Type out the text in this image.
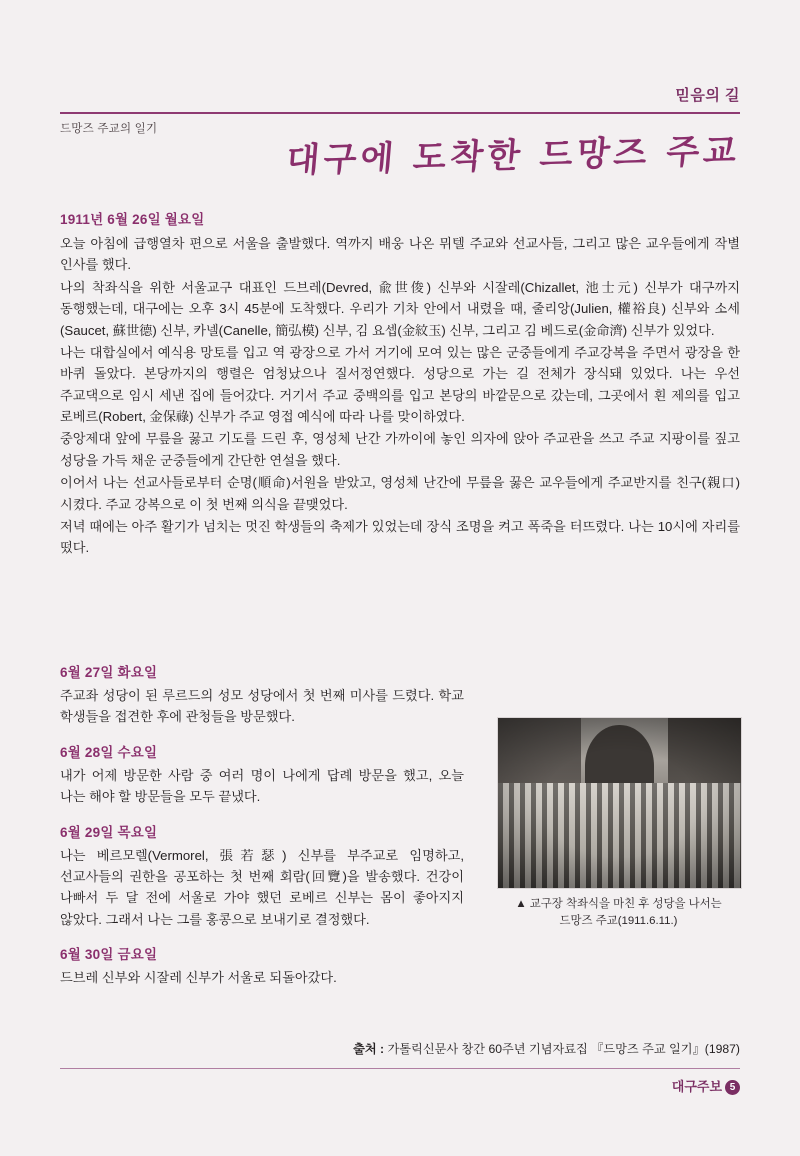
믿음의 길
드망즈 주교의 일기
대구에 도착한 드망즈 주교
1911년 6월 26일 월요일

오늘 아침에 급행열차 편으로 서울을 출발했다. 역까지 배웅 나온 뮈텔 주교와 선교사들, 그리고 많은 교우들에게 작별 인사를 했다.

나의 착좌식을 위한 서울교구 대표인 드브레(Devred, 兪世俊) 신부와 시잘레(Chizallet, 池士元) 신부가 대구까지 동행했는데, 대구에는 오후 3시 45분에 도착했다. 우리가 기차 안에서 내렸을 때, 줄리앙(Julien, 權裕良) 신부와 소세(Saucet, 蘇世德) 신부, 카넬(Canelle, 簡弘模) 신부, 김 요셉(金紋玉) 신부, 그리고 김 베드로(金命濟) 신부가 있었다.

나는 대합실에서 예식용 망토를 입고 역 광장으로 가서 거기에 모여 있는 많은 군중들에게 주교강복을 주면서 광장을 한 바퀴 돌았다. 본당까지의 행렬은 엄청났으나 질서정연했다. 성당으로 가는 길 전체가 장식돼 있었다. 나는 우선 주교댁으로 임시 세낸 집에 들어갔다. 거기서 주교 중백의를 입고 본당의 바깥문으로 갔는데, 그곳에서 흰 제의를 입고 로베르(Robert, 金保祿) 신부가 주교 영접 예식에 따라 나를 맞이하였다.

중앙제대 앞에 무릎을 꿇고 기도를 드린 후, 영성체 난간 가까이에 놓인 의자에 앉아 주교관을 쓰고 주교 지팡이를 짚고 성당을 가득 채운 군중들에게 간단한 연설을 했다.

이어서 나는 선교사들로부터 순명(順命)서원을 받았고, 영성체 난간에 무릎을 꿇은 교우들에게 주교반지를 친구(親口) 시켰다. 주교 강복으로 이 첫 번째 의식을 끝맺었다.

저녁 때에는 아주 활기가 넘치는 멋진 학생들의 축제가 있었는데 장식 조명을 켜고 폭죽을 터뜨렸다. 나는 10시에 자리를 떴다.

6월 27일 화요일

주교좌 성당이 된 루르드의 성모 성당에서 첫 번째 미사를 드렸다. 학교 학생들을 접견한 후에 관청들을 방문했다.

6월 28일 수요일

내가 어제 방문한 사람 중 여러 명이 나에게 답례 방문을 했고, 오늘 나는 해야 할 방문들을 모두 끝냈다.

6월 29일 목요일

나는 베르모렐(Vermorel, 張若瑟) 신부를 부주교로 임명하고, 선교사들의 권한을 공포하는 첫 번째 회람(回覽)을 발송했다. 건강이 나빠서 두 달 전에 서울로 가야 했던 로베르 신부는 몸이 좋아지지 않았다. 그래서 나는 그를 홍콩으로 보내기로 결정했다.

6월 30일 금요일

드브레 신부와 시잘레 신부가 서울로 되돌아갔다.

▲ 교구장 착좌식을 마친 후 성당을 나서는
드망즈 주교(1911.6.11.)
출처 : 가톨릭신문사 창간 60주년 기념자료집 『드망즈 주교 일기』(1987)
대구주보 5
